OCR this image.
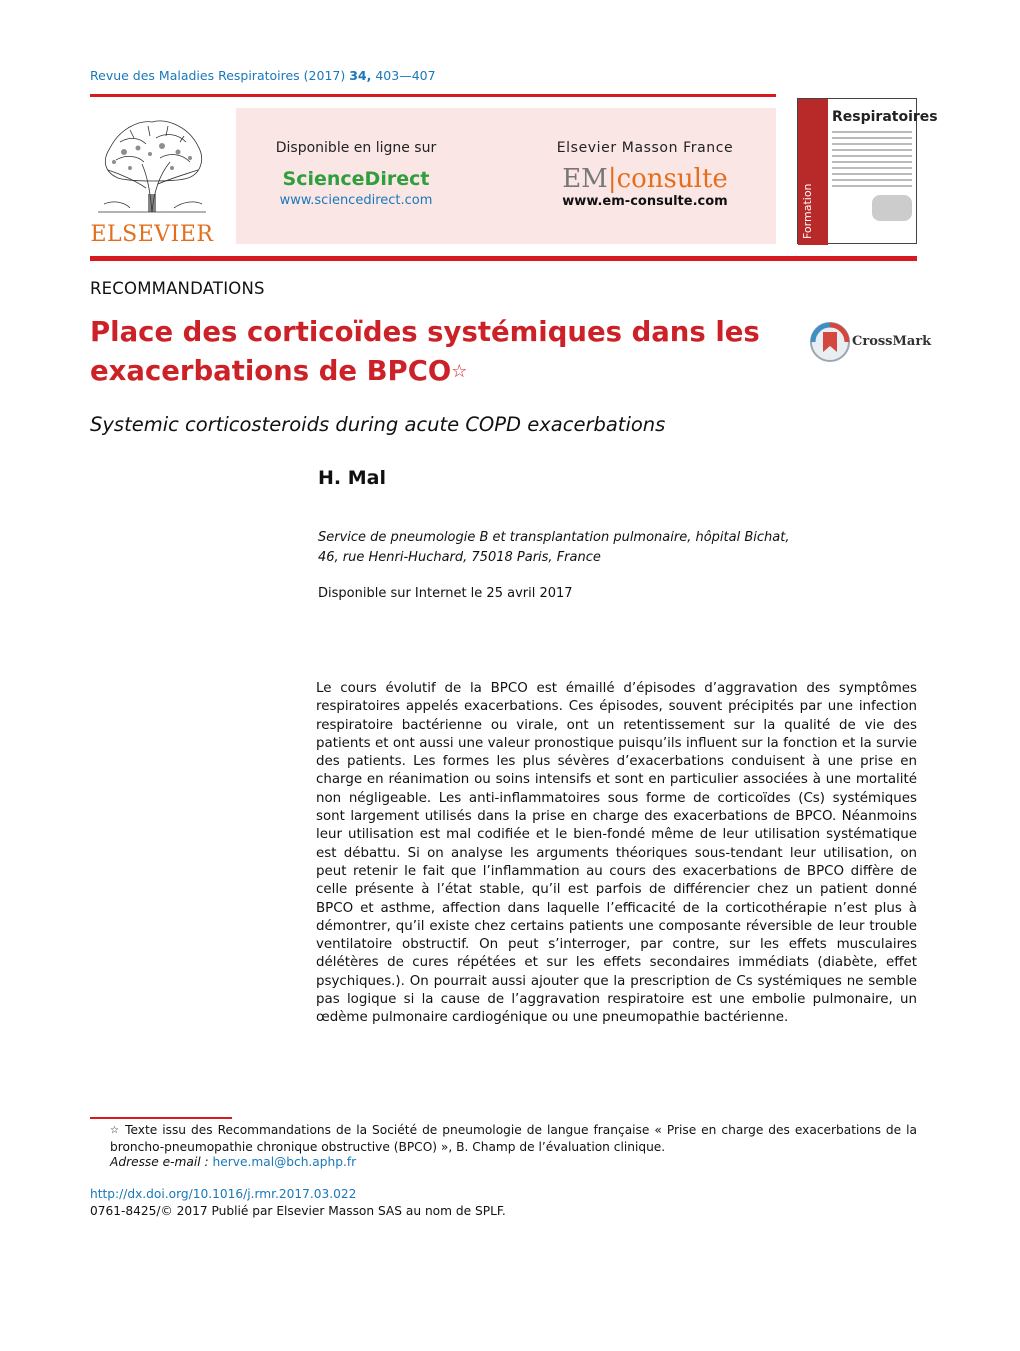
Revue des Maladies Respiratoires (2017) 34, 403—407
ELSEVIER
Disponible en ligne sur
ScienceDirect
www.sciencedirect.com
Elsevier Masson France
EM|consulte
www.em-consulte.com	Formation
Respiratoires
RECOMMANDATIONS
Place des corticoïdes systémiques dans les exacerbations de BPCO☆
CrossMark
Systemic corticosteroids during acute COPD exacerbations
H. Mal
Service de pneumologie B et transplantation pulmonaire, hôpital Bichat,
46, rue Henri-Huchard, 75018 Paris, France
Disponible sur Internet le 25 avril 2017
Le cours évolutif de la BPCO est émaillé d’épisodes d’aggravation des symptômes respiratoires appelés exacerbations. Ces épisodes, souvent précipités par une infection respiratoire bactérienne ou virale, ont un retentissement sur la qualité de vie des patients et ont aussi une valeur pronostique puisqu’ils influent sur la fonction et la survie des patients. Les formes les plus sévères d’exacerbations conduisent à une prise en charge en réanimation ou soins intensifs et sont en particulier associées à une mortalité non négligeable. Les anti-inflammatoires sous forme de corticoïdes (Cs) systémiques sont largement utilisés dans la prise en charge des exacerbations de BPCO. Néanmoins leur utilisation est mal codifiée et le bien-fondé même de leur utilisation systématique est débattu. Si on analyse les arguments théoriques sous-tendant leur utilisation, on peut retenir le fait que l’inflammation au cours des exacerbations de BPCO diffère de celle présente à l’état stable, qu’il est parfois de différencier chez un patient donné BPCO et asthme, affection dans laquelle l’efficacité de la corticothérapie n’est plus à démontrer, qu’il existe chez certains patients une composante réversible de leur trouble ventilatoire obstructif. On peut s’interroger, par contre, sur les effets musculaires délétères de cures répétées et sur les effets secondaires immédiats (diabète, effet psychiques.). On pourrait aussi ajouter que la prescription de Cs systémiques ne semble pas logique si la cause de l’aggravation respiratoire est une embolie pulmonaire, un œdème pulmonaire cardiogénique ou une pneumopathie bactérienne.
☆ Texte issu des Recommandations de la Société de pneumologie de langue française « Prise en charge des exacerbations de la broncho-pneumopathie chronique obstructive (BPCO) », B. Champ de l’évaluation clinique.
Adresse e-mail : herve.mal@bch.aphp.fr
http://dx.doi.org/10.1016/j.rmr.2017.03.022
0761-8425/© 2017 Publié par Elsevier Masson SAS au nom de SPLF.
